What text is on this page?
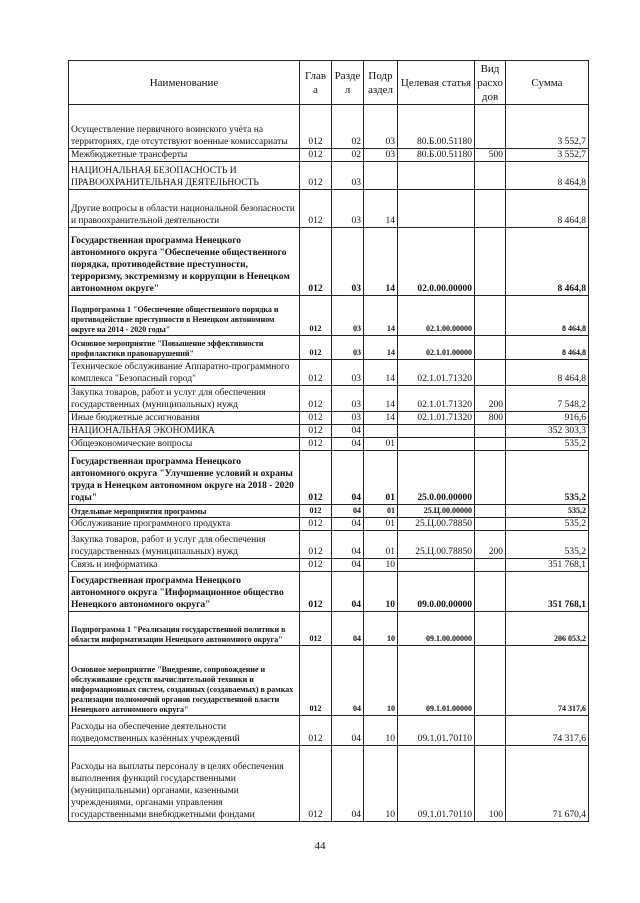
Наименование	Глав а	Разде л	Подр аздел	Целевая статья	Вид расхо дов	Сумма
Осуществление первичного воинского учёта на территориях, где отсутствуют военные комиссариаты	012	02	03	80.Б.00.51180		3 552,7
Межбюджетные трансферты	012	02	03	80.Б.00.51180	500	3 552,7
НАЦИОНАЛЬНАЯ БЕЗОПАСНОСТЬ И ПРАВООХРАНИТЕЛЬНАЯ ДЕЯТЕЛЬНОСТЬ	012	03				8 464,8
Другие вопросы в области национальной безопасности и правоохранительной деятельности	012	03	14			8 464,8
Государственная программа Ненецкого автономного округа "Обеспечение общественного порядка, противодействие преступности, терроризму, экстремизму и коррупции в Ненецком автономном округе"	012	03	14	02.0.00.00000		8 464,8
Подпрограмма 1 "Обеспечение общественного порядка и противодействие преступности в Ненецком автономном округе на 2014 - 2020 годы"	012	03	14	02.1.00.00000		8 464,8
Основное мероприятие "Повышение эффективности профилактики правонарушений"	012	03	14	02.1.01.00000		8 464,8
Техническое обслуживание Аппаратно-программного комплекса "Безопасный город"	012	03	14	02.1.01.71320		8 464,8
Закупка товаров, работ и услуг для обеспечения государственных (муниципальных) нужд	012	03	14	02.1.01.71320	200	7 548,2
Иные бюджетные ассигнования	012	03	14	02.1.01.71320	800	916,6
НАЦИОНАЛЬНАЯ ЭКОНОМИКА	012	04				352 303,3
Общеэкономические вопросы	012	04	01			535,2
Государственная программа Ненецкого автономного округа "Улучшение условий и охраны труда в Ненецком автономном округе на 2018 - 2020 годы"	012	04	01	25.0.00.00000		535,2
Отдельные мероприятия программы	012	04	01	25.Ц.00.00000		535,2
Обслуживание программного продукта	012	04	01	25.Ц.00.78850		535,2
Закупка товаров, работ и услуг для обеспечения государственных (муниципальных) нужд	012	04	01	25.Ц.00.78850	200	535,2
Связь и информатика	012	04	10			351 768,1
Государственная программа Ненецкого автономного округа "Информационное общество Ненецкого автономного округа"	012	04	10	09.0.00.00000		351 768,1
Подпрограмма 1 "Реализация государственной политики в области информатизации Ненецкого автономного округа"	012	04	10	09.1.00.00000		206 053,2
Основное мероприятие "Внедрение, сопровождение и обслуживание средств вычислительной техники и информационных систем, созданных (создаваемых) в рамках реализации полномочий органов государственной власти Ненецкого автономного округа"	012	04	10	09.1.01.00000		74 317,6
Расходы на обеспечение деятельности подведомственных казённых учреждений	012	04	10	09.1.01.70110		74 317,6
Расходы на выплаты персоналу в целях обеспечения выполнения функций государственными (муниципальными) органами, казенными учреждениями, органами управления государственными внебюджетными фондами	012	04	10	09.1.01.70110	100	71 670,4
44
